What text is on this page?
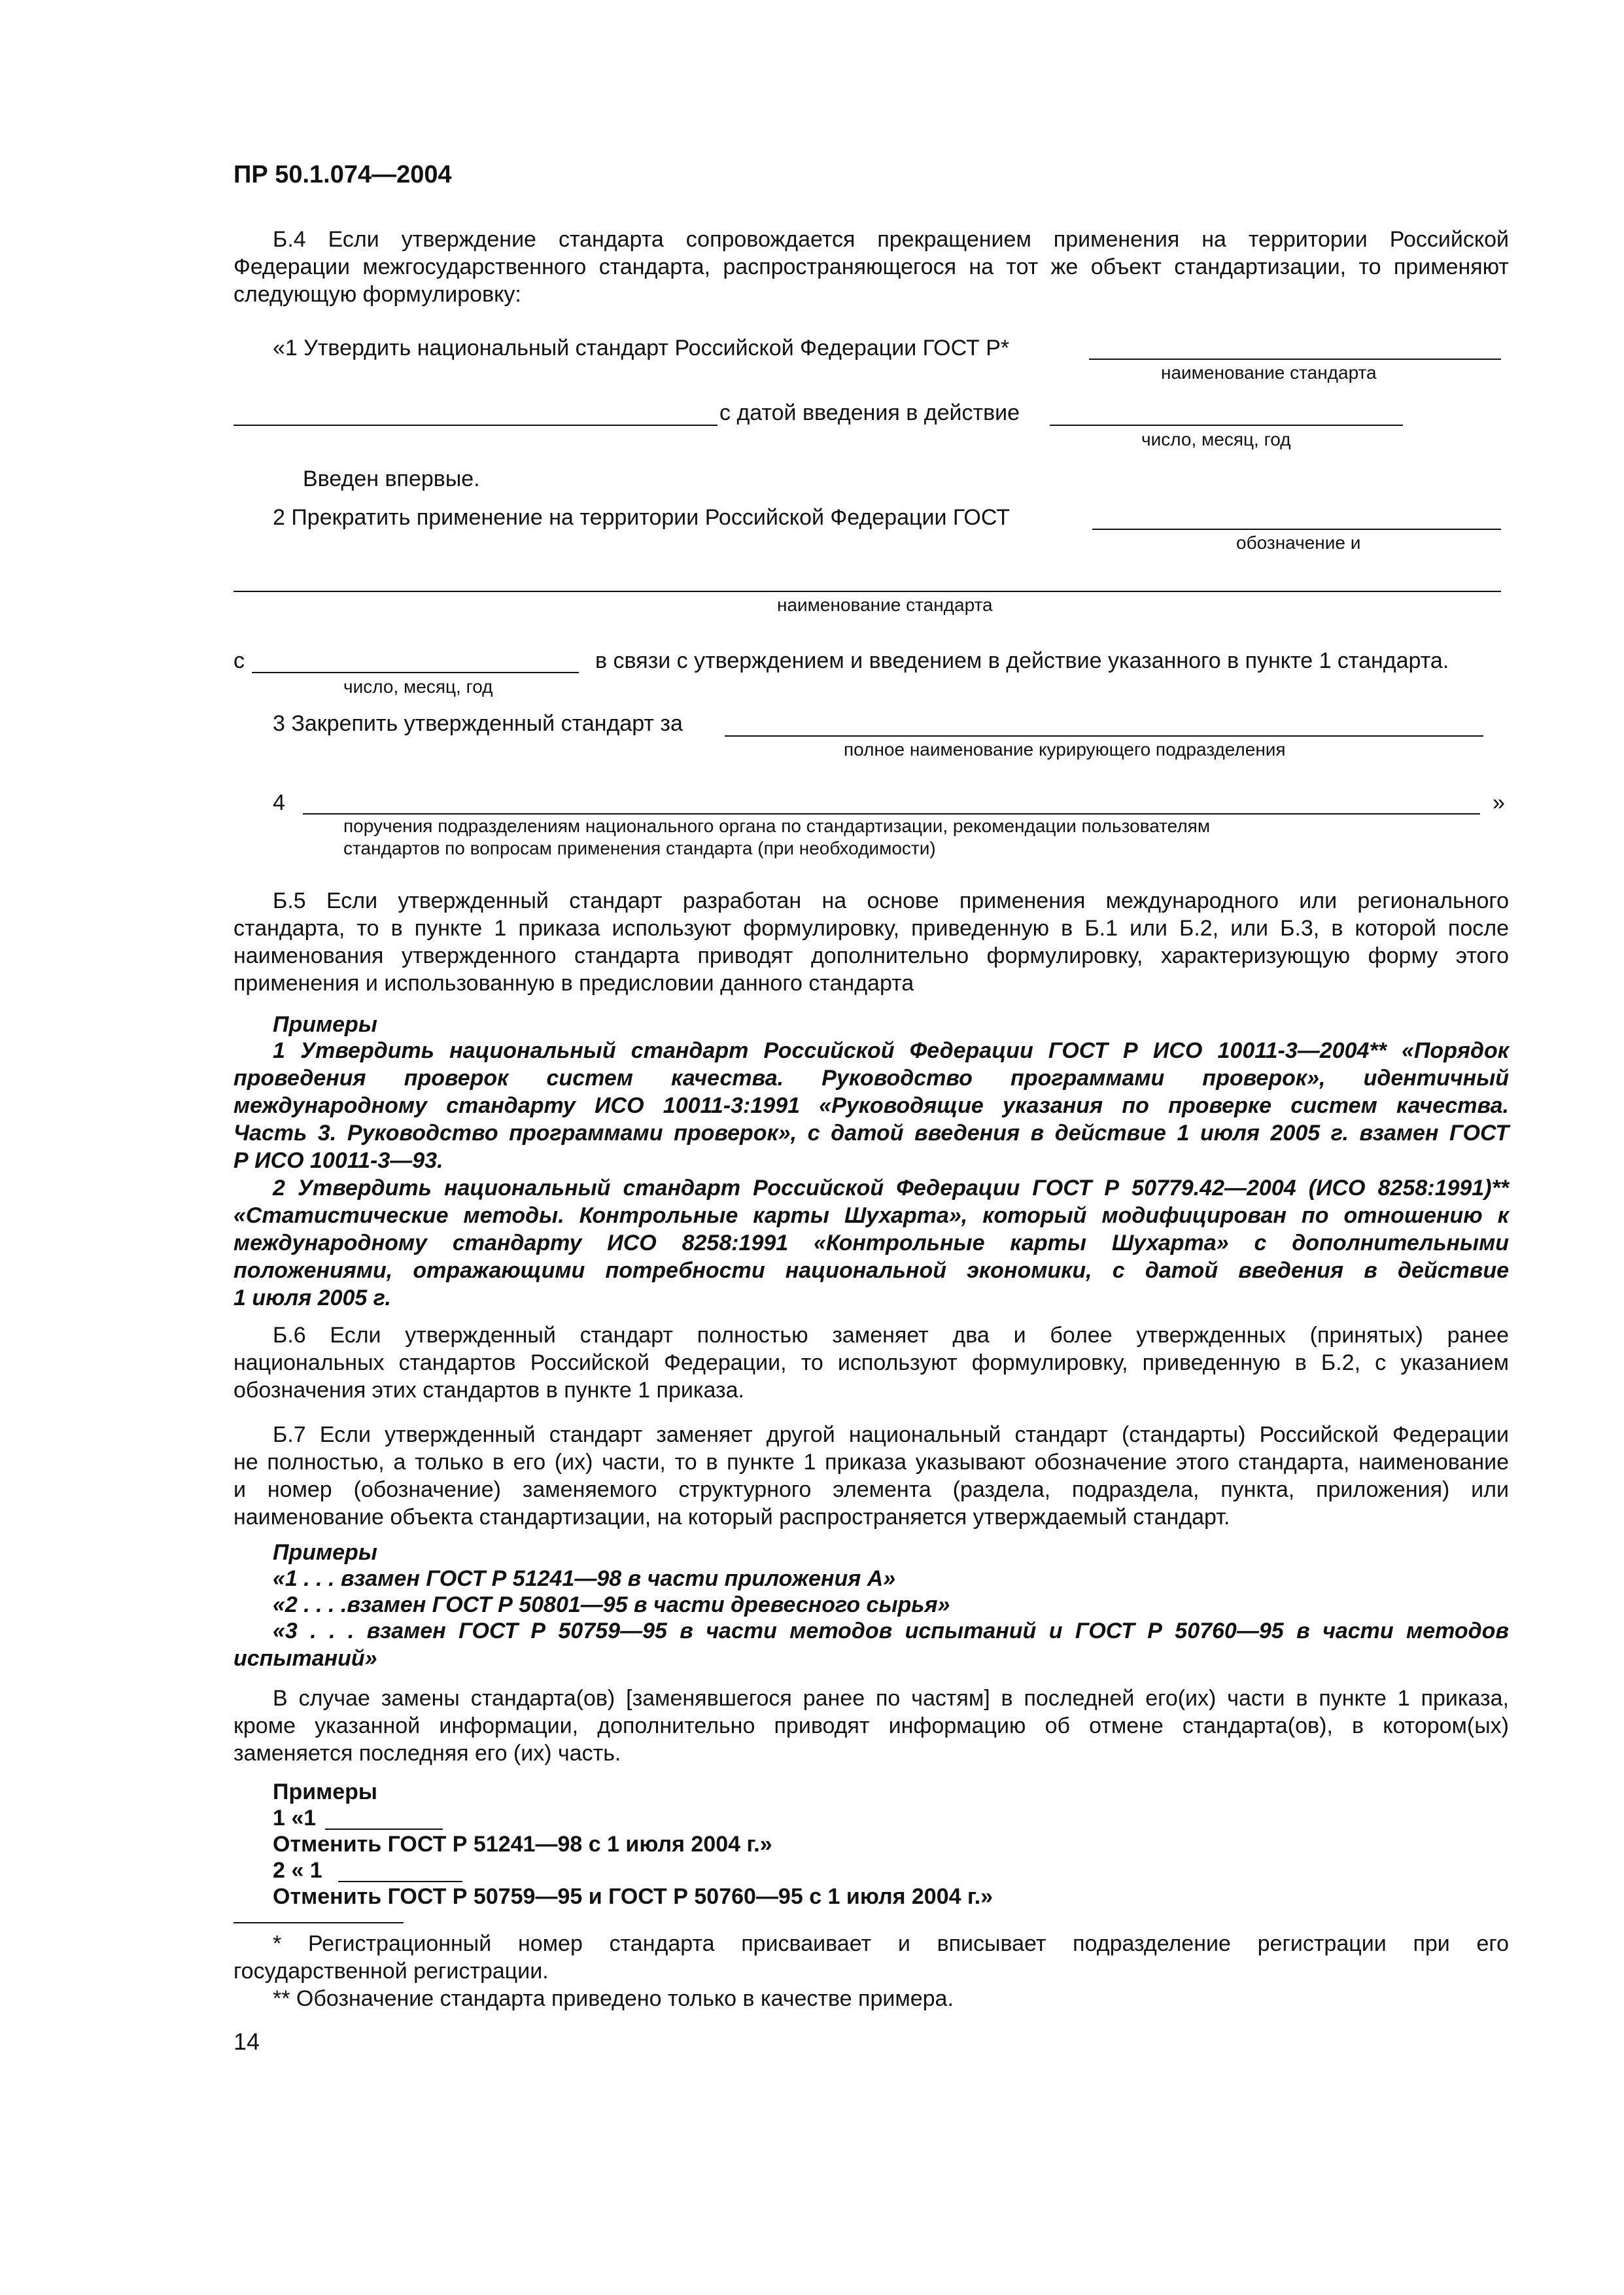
ПР 50.1.074—2004
Б.4 Если утверждение стандарта сопровождается прекращением применения на территории Российской
Федерации межгосударственного стандарта, распространяющегося на тот же объект стандартизации, то применяют
следующую формулировку:
«1 Утвердить национальный стандарт Российской Федерации ГОСТ Р*
наименование стандарта
с датой введения в действие
число, месяц, год
Введен впервые.
2 Прекратить применение на территории Российской Федерации ГОСТ
обозначение и
наименование стандарта
с
число, месяц, год
в связи с утверждением и введением в действие указанного в пункте 1 стандарта.
3 Закрепить утвержденный стандарт за
полное наименование курирующего подразделения
4	»
поручения подразделениям национального органа по стандартизации, рекомендации пользователям
стандартов по вопросам применения стандарта (при необходимости)
Б.5 Если утвержденный стандарт разработан на основе применения международного или регионального
стандарта, то в пункте 1 приказа используют формулировку, приведенную в Б.1 или Б.2, или Б.3, в которой после
наименования утвержденного стандарта приводят дополнительно формулировку, характеризующую форму этого
применения и использованную в предисловии данного стандарта
Примеры
1 Утвердить национальный стандарт Российской Федерации ГОСТ Р ИСО 10011-3—2004** «Порядок
проведения проверок систем качества. Руководство программами проверок», идентичный
международному стандарту ИСО 10011-3:1991 «Руководящие указания по проверке систем качества.
Часть 3. Руководство программами проверок», с датой введения в действие 1 июля 2005 г. взамен ГОСТ
Р ИСО 10011-3—93.
2 Утвердить национальный стандарт Российской Федерации ГОСТ Р 50779.42—2004 (ИСО 8258:1991)**
«Статистические методы. Контрольные карты Шухарта», который модифицирован по отношению к
международному стандарту ИСО 8258:1991 «Контрольные карты Шухарта» с дополнительными
положениями, отражающими потребности национальной экономики, с датой введения в действие
1 июля 2005 г.
Б.6 Если утвержденный стандарт полностью заменяет два и более утвержденных (принятых) ранее
национальных стандартов Российской Федерации, то используют формулировку, приведенную в Б.2, с указанием
обозначения этих стандартов в пункте 1 приказа.
Б.7 Если утвержденный стандарт заменяет другой национальный стандарт (стандарты) Российской Федерации
не полностью, а только в его (их) части, то в пункте 1 приказа указывают обозначение этого стандарта, наименование
и номер (обозначение) заменяемого структурного элемента (раздела, подраздела, пункта, приложения) или
наименование объекта стандартизации, на который распространяется утверждаемый стандарт.
Примеры
«1 . . . взамен ГОСТ Р 51241—98 в части приложения А»
«2 . . . .взамен ГОСТ Р 50801—95 в части древесного сырья»
«3 . . . взамен ГОСТ Р 50759—95 в части методов испытаний и ГОСТ Р 50760—95 в части методов
испытаний»
В случае замены стандарта(ов) [заменявшегося ранее по частям] в последней его(их) части в пункте 1 приказа,
кроме указанной информации, дополнительно приводят информацию об отмене стандарта(ов), в котором(ых)
заменяется последняя его (их) часть.
Примеры
1 «1
Отменить ГОСТ Р 51241—98 с 1 июля 2004 г.»
2 « 1
Отменить ГОСТ Р 50759—95 и ГОСТ Р 50760—95 с 1 июля 2004 г.»
* Регистрационный номер стандарта присваивает и вписывает подразделение регистрации при его
государственной регистрации.
** Обозначение стандарта приведено только в качестве примера.
14
